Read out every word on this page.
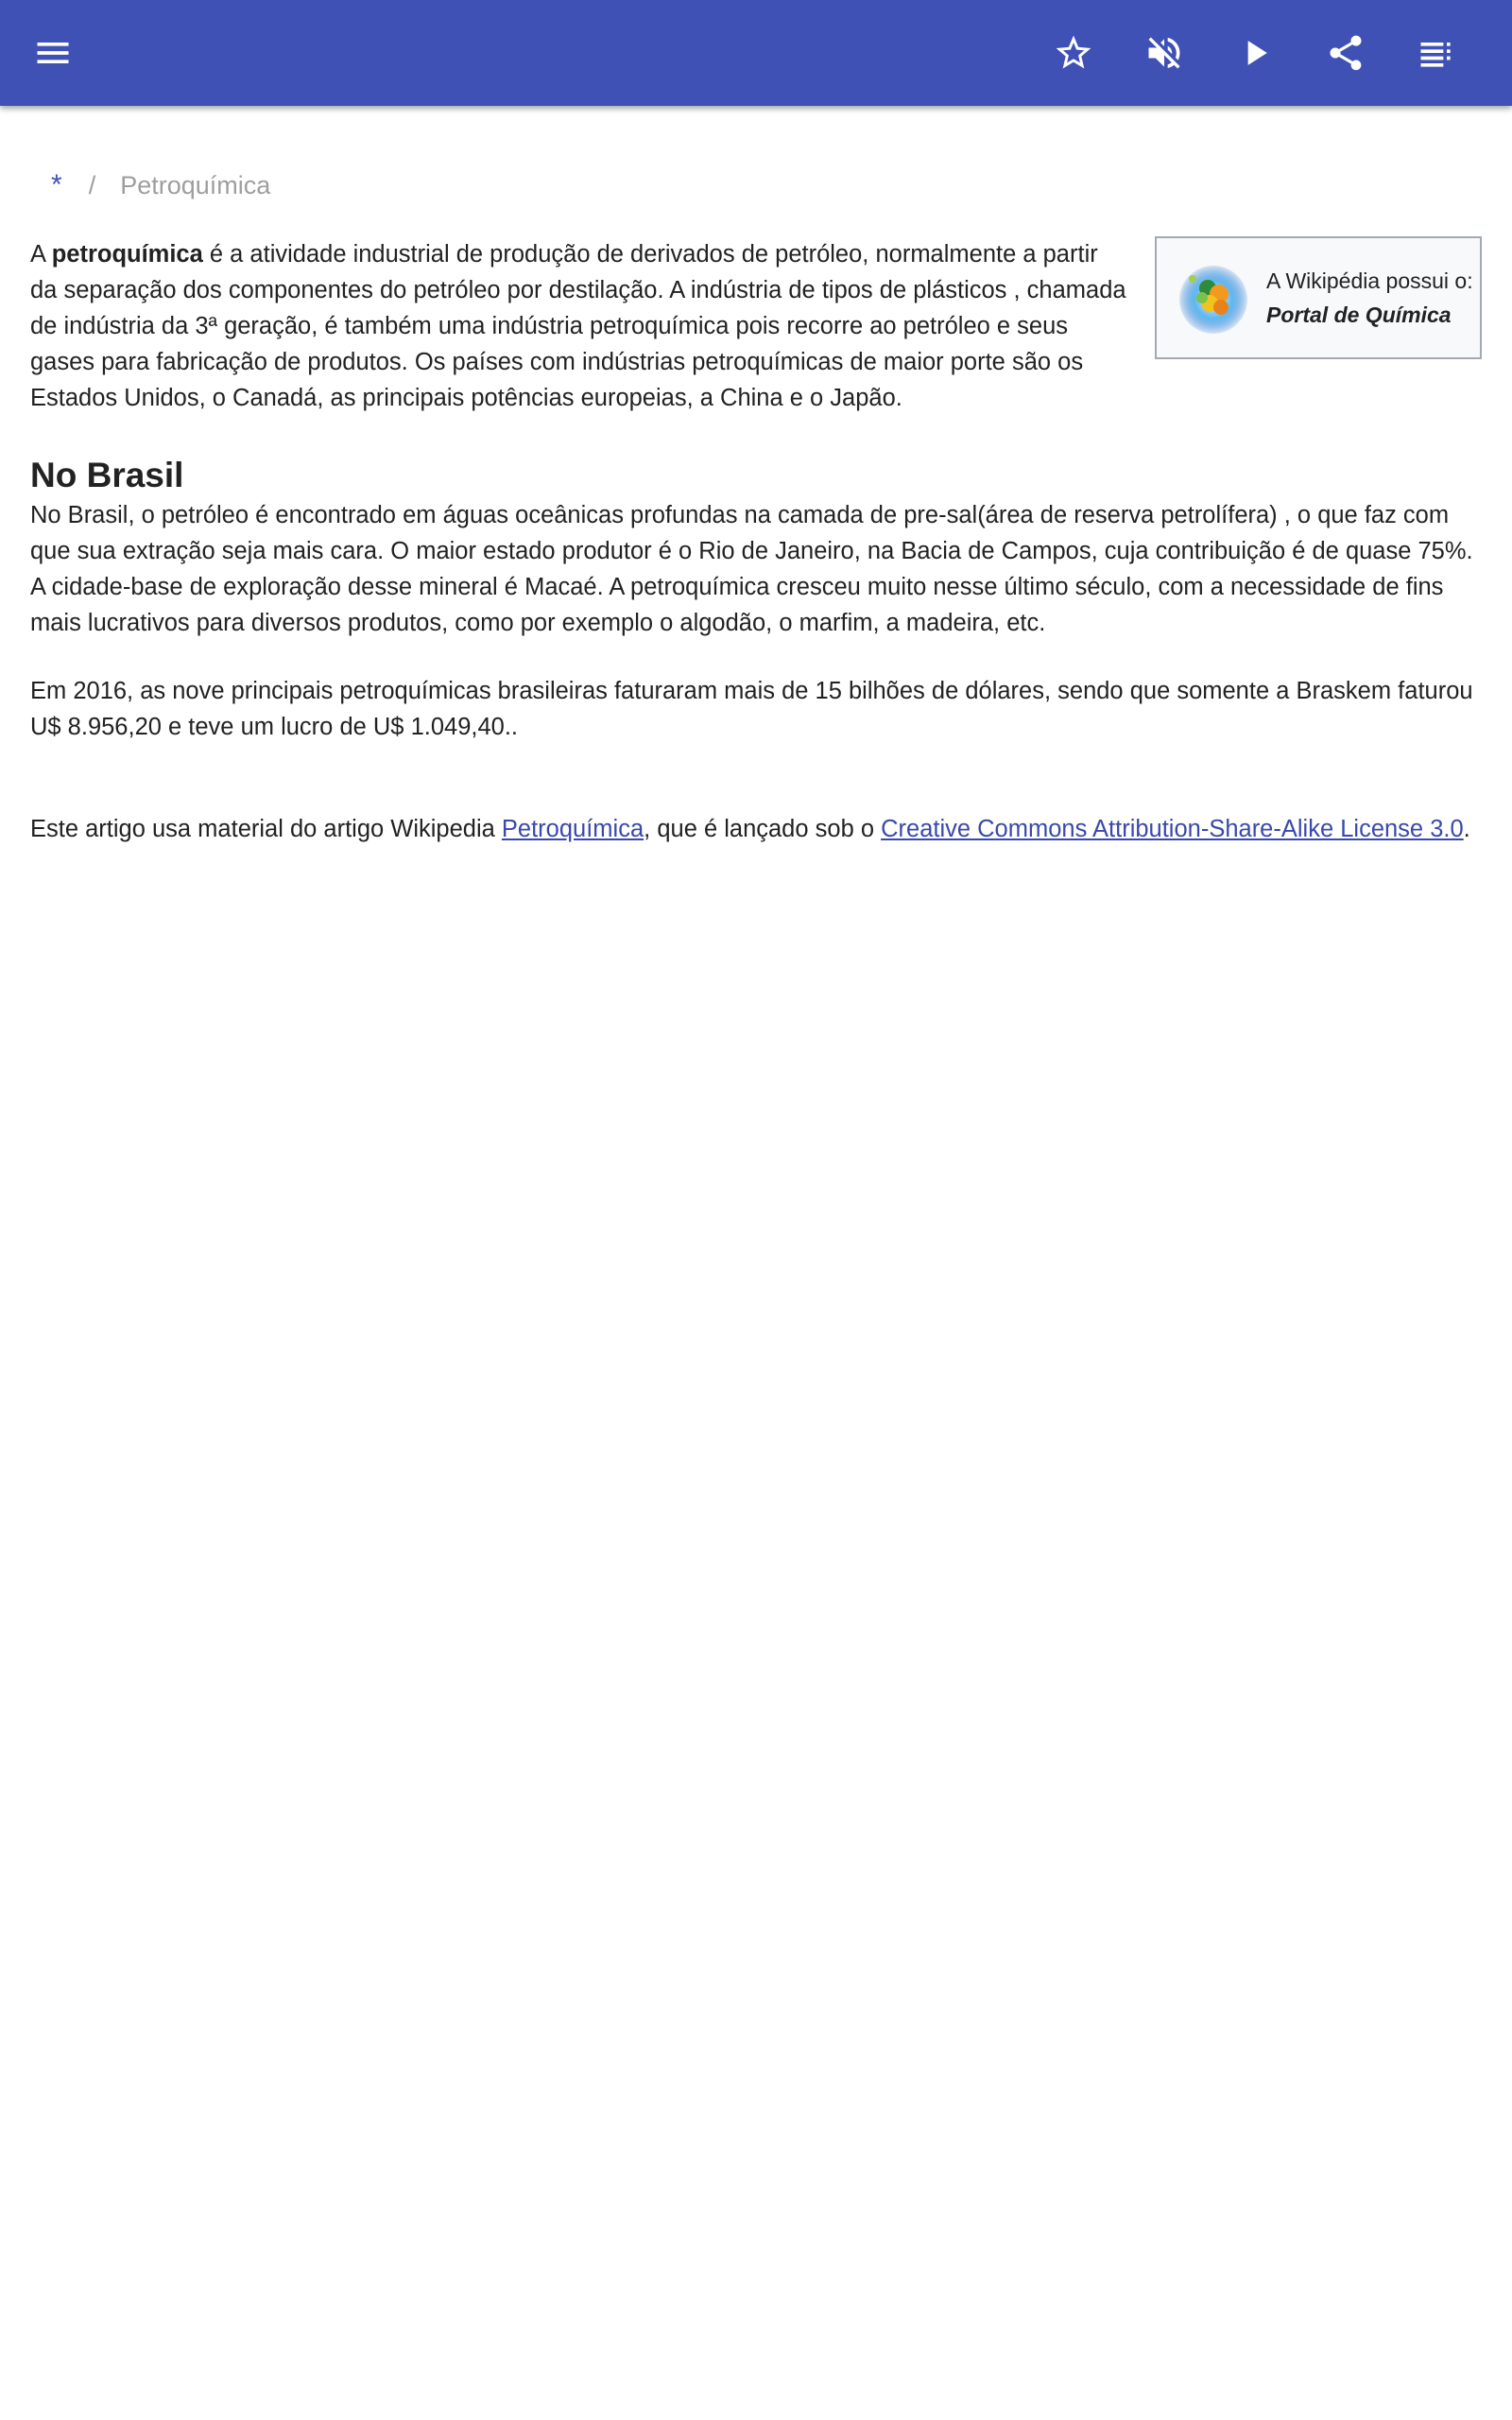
* / Petroquímica
A Wikipédia possui o:
Portal de Química

A petroquímica é a atividade industrial de produção de derivados de petróleo, normalmente a partir da separação dos componentes do petróleo por destilação. A indústria de tipos de plásticos , chamada de indústria da 3ª geração, é também uma indústria petroquímica pois recorre ao petróleo e seus gases para fabricação de produtos. Os países com indústrias petroquímicas de maior porte são os Estados Unidos, o Canadá, as principais potências europeias, a China e o Japão.

No Brasil

No Brasil, o petróleo é encontrado em águas oceânicas profundas na camada de pre-sal(área de reserva petrolífera) , o que faz com que sua extração seja mais cara. O maior estado produtor é o Rio de Janeiro, na Bacia de Campos, cuja contribuição é de quase 75%. A cidade-base de exploração desse mineral é Macaé. A petroquímica cresceu muito nesse último século, com a necessidade de fins mais lucrativos para diversos produtos, como por exemplo o algodão, o marfim, a madeira, etc.

Em 2016, as nove principais petroquímicas brasileiras faturaram mais de 15 bilhões de dólares, sendo que somente a Braskem faturou U$ 8.956,20 e teve um lucro de U$ 1.049,40..

Este artigo usa material do artigo Wikipedia Petroquímica, que é lançado sob o Creative Commons Attribution-Share-Alike License 3.0.
